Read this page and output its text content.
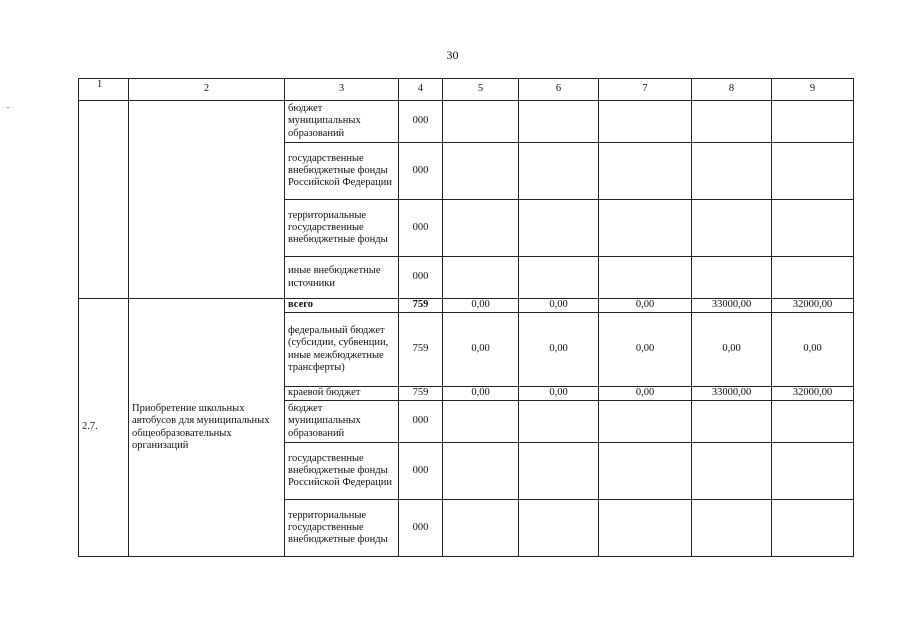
30
1	2	3	4	5	6	7	8	9
		бюджет муниципальных образований	000					
		государственные внебюджетные фонды Российской Федерации	000					
		территориальные государственные внебюджетные фонды	000					
		иные внебюджетные источники	000					
2.7.	Приобретение школьных автобусов для муниципальных общеобразовательных организаций	всего	759	0,00	0,00	0,00	33000,00	32000,00
		федеральный бюджет (субсидии, субвенции, иные межбюджетные трансферты)	759	0,00	0,00	0,00	0,00	0,00
		краевой бюджет	759	0,00	0,00	0,00	33000,00	32000,00
		бюджет муниципальных образований	000					
		государственные внебюджетные фонды Российской Федерации	000					
		территориальные государственные внебюджетные фонды	000					
